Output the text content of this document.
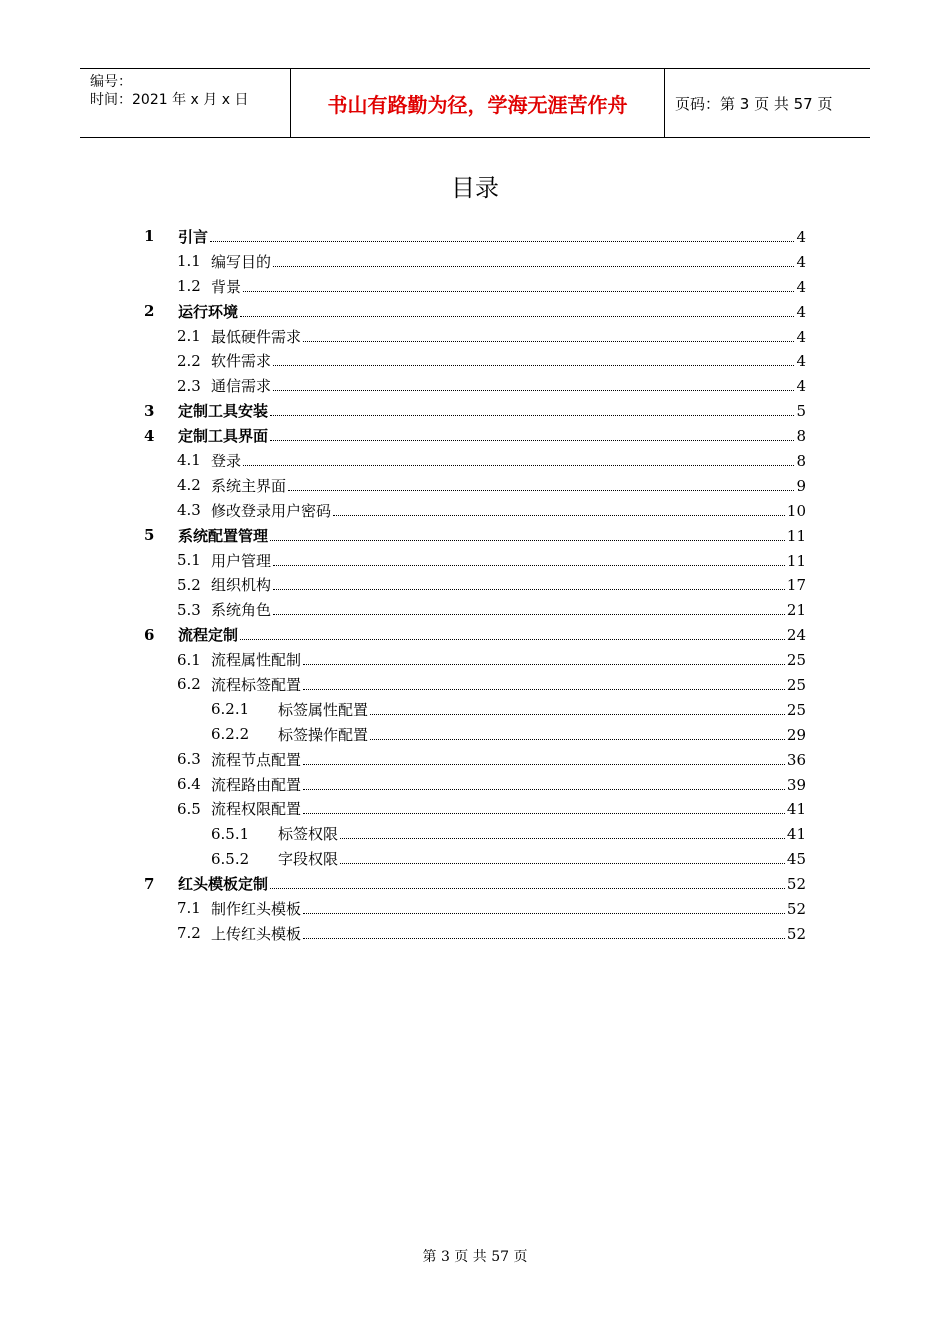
编号：
时间：2021 年 x 月 x 日	书山有路勤为径，学海无涯苦作舟	页码：第 3 页 共 57 页
目录
1 引言	4
1.1 编写目的	4
1.2 背景	4
2 运行环境	4
2.1 最低硬件需求	4
2.2 软件需求	4
2.3 通信需求	4
3 定制工具安装	5
4 定制工具界面	8
4.1 登录	8
4.2 系统主界面	9
4.3 修改登录用户密码	10
5 系统配置管理	11
5.1 用户管理	11
5.2 组织机构	17
5.3 系统角色	21
6 流程定制	24
6.1 流程属性配制	25
6.2 流程标签配置	25
6.2.1 标签属性配置	25
6.2.2 标签操作配置	29
6.3 流程节点配置	36
6.4 流程路由配置	39
6.5 流程权限配置	41
6.5.1 标签权限	41
6.5.2 字段权限	45
7 红头模板定制	52
7.1 制作红头模板	52
7.2 上传红头模板	52
第 3 页 共 57 页
